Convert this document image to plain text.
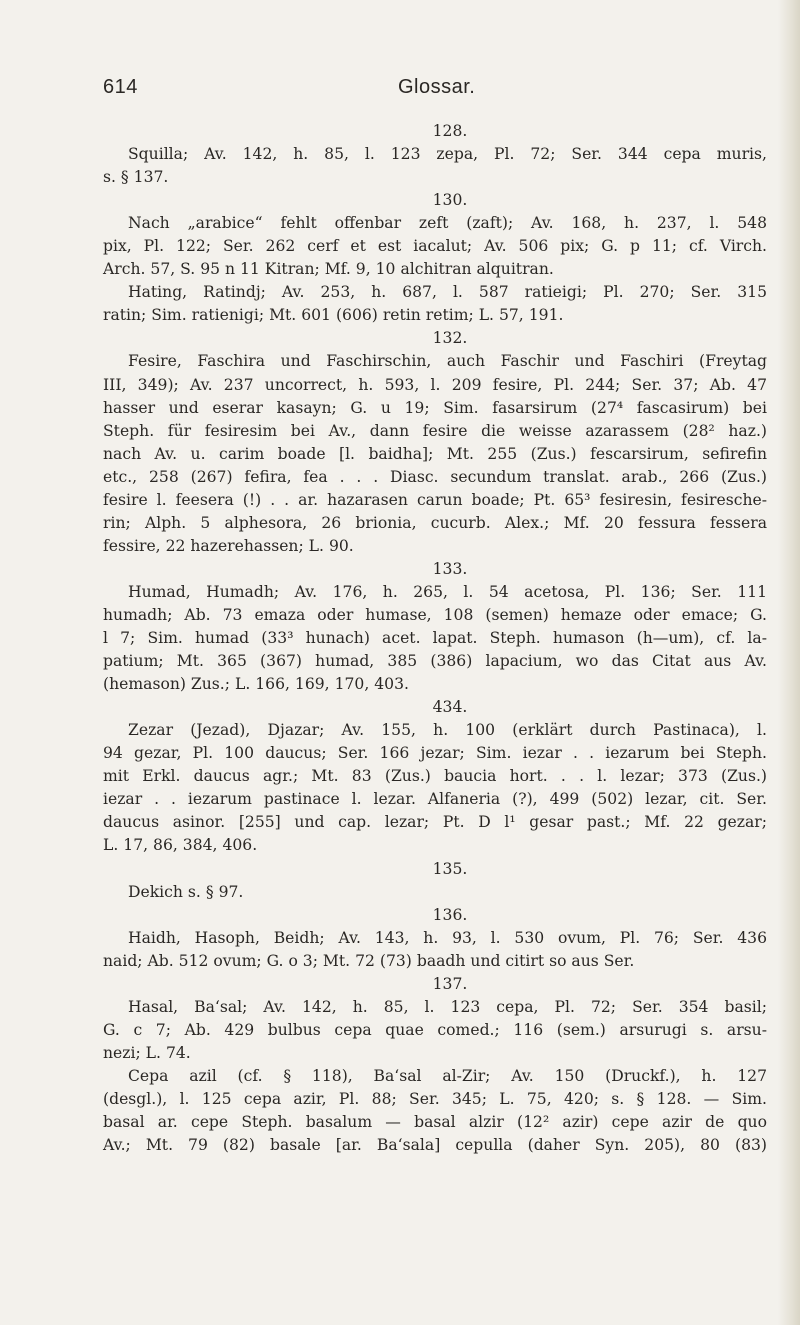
614	Glossar.
128.
Squilla; Av. 142, h. 85, l. 123 zepa, Pl. 72; Ser. 344 cepa muris,
s. § 137.
130.
Nach „arabice“ fehlt offenbar zeft (zaft); Av. 168, h. 237, l. 548
pix, Pl. 122; Ser. 262 cerf et est iacalut; Av. 506 pix; G. p 11; cf. Virch.
Arch. 57, S. 95 n 11 Kitran; Mf. 9, 10 alchitran alquitran.
Hating, Ratindj; Av. 253, h. 687, l. 587 ratieigi; Pl. 270; Ser. 315
ratin; Sim. ratienigi; Mt. 601 (606) retin retim; L. 57, 191.
132.
Fesire, Faschira und Faschirschin, auch Faschir und Faschiri (Freytag
III, 349); Av. 237 uncorrect, h. 593, l. 209 fesire, Pl. 244; Ser. 37; Ab. 47
hasser und eserar kasayn; G. u 19; Sim. fasarsirum (27⁴ fascasirum) bei
Steph. für fesiresim bei Av., dann fesire die weisse azarassem (28² haz.)
nach Av. u. carim boade [l. baidha]; Mt. 255 (Zus.) fescarsirum, sefirefin
etc., 258 (267) fefira, fea . . . Diasc. secundum translat. arab., 266 (Zus.)
fesire l. feesera (!) . . ar. hazarasen carun boade; Pt. 65³ fesiresin, fesiresche-
rin; Alph. 5 alphesora, 26 brionia, cucurb. Alex.; Mf. 20 fessura fessera
fessire, 22 hazerehassen; L. 90.
133.
Humad, Humadh; Av. 176, h. 265, l. 54 acetosa, Pl. 136; Ser. 111
humadh; Ab. 73 emaza oder humase, 108 (semen) hemaze oder emace; G.
l 7; Sim. humad (33³ hunach) acet. lapat. Steph. humason (h—um), cf. la-
patium; Mt. 365 (367) humad, 385 (386) lapacium, wo das Citat aus Av.
(hemason) Zus.; L. 166, 169, 170, 403.
434.
Zezar (Jezad), Djazar; Av. 155, h. 100 (erklärt durch Pastinaca), l.
94 gezar, Pl. 100 daucus; Ser. 166 jezar; Sim. iezar . . iezarum bei Steph.
mit Erkl. daucus agr.; Mt. 83 (Zus.) baucia hort. . . l. lezar; 373 (Zus.)
iezar . . iezarum pastinace l. lezar. Alfaneria (?), 499 (502) lezar, cit. Ser.
daucus asinor. [255] und cap. lezar; Pt. D l¹ gesar past.; Mf. 22 gezar;
L. 17, 86, 384, 406.
135.
Dekich s. § 97.
136.
Haidh, Hasoph, Beidh; Av. 143, h. 93, l. 530 ovum, Pl. 76; Ser. 436
naid; Ab. 512 ovum; G. o 3; Mt. 72 (73) baadh und citirt so aus Ser.
137.
Hasal, Ba‘sal; Av. 142, h. 85, l. 123 cepa, Pl. 72; Ser. 354 basil;
G. c 7; Ab. 429 bulbus cepa quae comed.; 116 (sem.) arsurugi s. arsu-
nezi; L. 74.
Cepa azil (cf. § 118), Ba‘sal al-Zir; Av. 150 (Druckf.), h. 127
(desgl.), l. 125 cepa azir, Pl. 88; Ser. 345; L. 75, 420; s. § 128. — Sim.
basal ar. cepe Steph. basalum — basal alzir (12² azir) cepe azir de quo
Av.; Mt. 79 (82) basale [ar. Ba‘sala] cepulla (daher Syn. 205), 80 (83)
